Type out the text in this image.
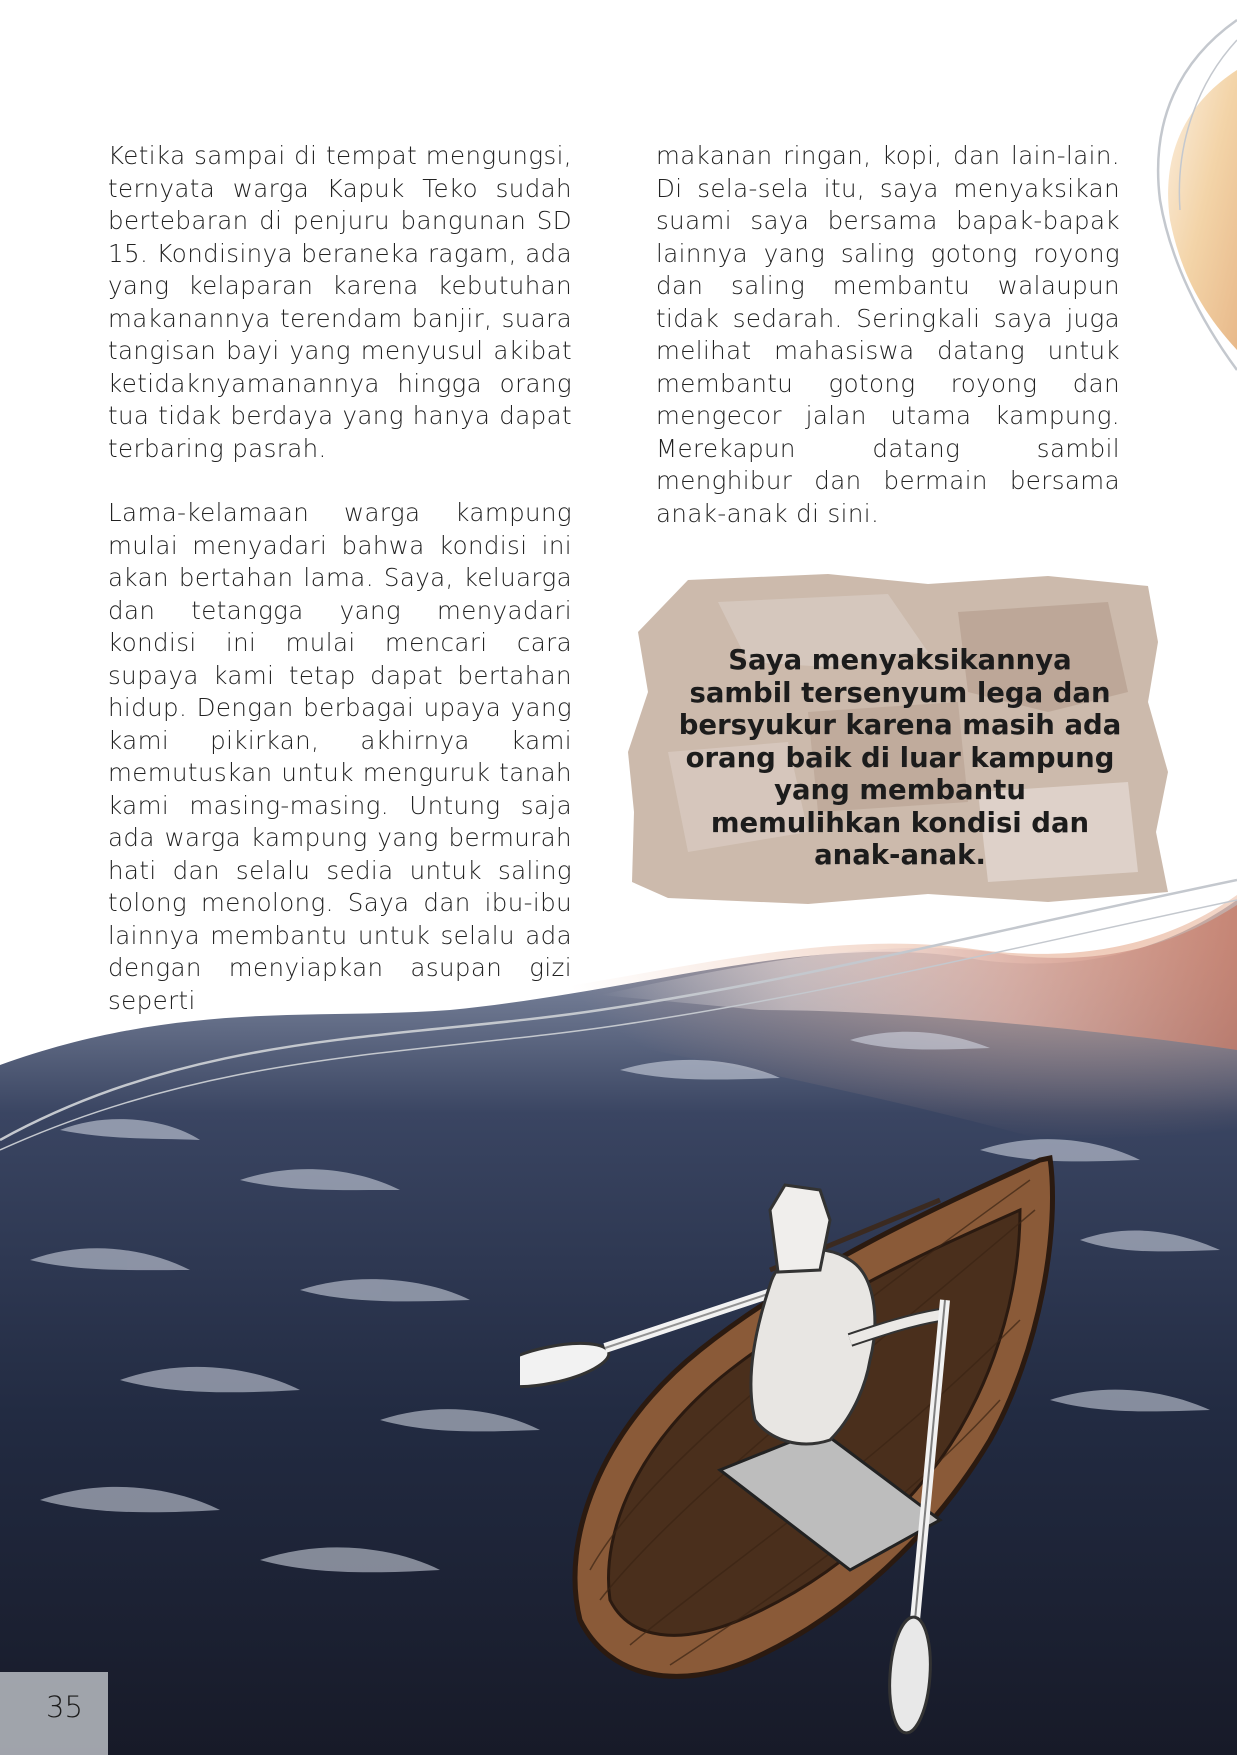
Ketika sampai di tempat mengungsi, ternyata warga Kapuk Teko sudah bertebaran di penjuru bangunan SD 15. Kondisinya beraneka ragam, ada yang kelaparan karena kebutuhan makanannya terendam banjir, suara tangisan bayi yang menyusul akibat ketidaknyamanannya hingga orang tua tidak berdaya yang hanya dapat terbaring pasrah.

Lama-kelamaan warga kampung mulai menyadari bahwa kondisi ini akan bertahan lama. Saya, keluarga dan tetangga yang menyadari kondisi ini mulai mencari cara supaya kami tetap dapat bertahan hidup. Dengan berbagai upaya yang kami pikirkan, akhirnya kami memutuskan untuk menguruk tanah kami masing-masing. Untung saja ada warga kampung yang bermurah hati dan selalu sedia untuk saling tolong menolong. Saya dan ibu-ibu lainnya membantu untuk selalu ada dengan menyiapkan asupan gizi seperti

makanan ringan, kopi, dan lain-lain. Di sela-sela itu, saya menyaksikan suami saya bersama bapak-bapak lainnya yang saling gotong royong dan saling membantu walaupun tidak sedarah. Seringkali saya juga melihat mahasiswa datang untuk membantu gotong royong dan mengecor jalan utama kampung. Merekapun datang sambil menghibur dan bermain bersama anak-anak di sini.

Saya menyaksikannya
sambil tersenyum lega dan
bersyukur karena masih ada
orang baik di luar kampung
yang membantu
memulihkan kondisi dan
anak-anak.
35
